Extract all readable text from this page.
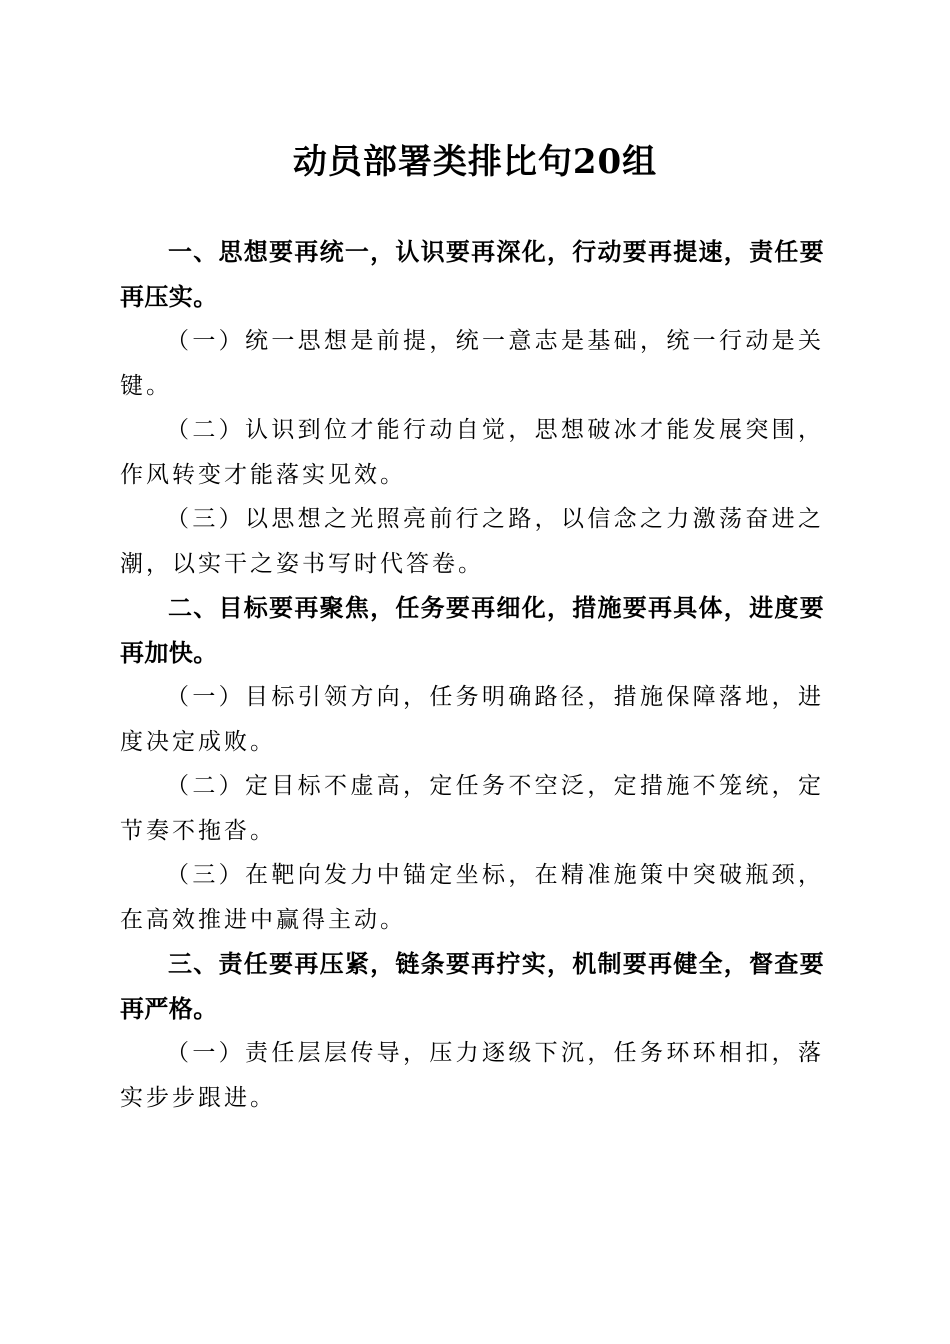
动员部署类排比句20组

一、思想要再统一，认识要再深化，行动要再提速，责任要再压实。

（一）统一思想是前提，统一意志是基础，统一行动是关键。

（二）认识到位才能行动自觉，思想破冰才能发展突围，作风转变才能落实见效。

（三）以思想之光照亮前行之路，以信念之力激荡奋进之潮，以实干之姿书写时代答卷。

二、目标要再聚焦，任务要再细化，措施要再具体，进度要再加快。

（一）目标引领方向，任务明确路径，措施保障落地，进度决定成败。

（二）定目标不虚高，定任务不空泛，定措施不笼统，定节奏不拖沓。

（三）在靶向发力中锚定坐标，在精准施策中突破瓶颈，在高效推进中赢得主动。

三、责任要再压紧，链条要再拧实，机制要再健全，督查要再严格。

（一）责任层层传导，压力逐级下沉，任务环环相扣，落实步步跟进。
